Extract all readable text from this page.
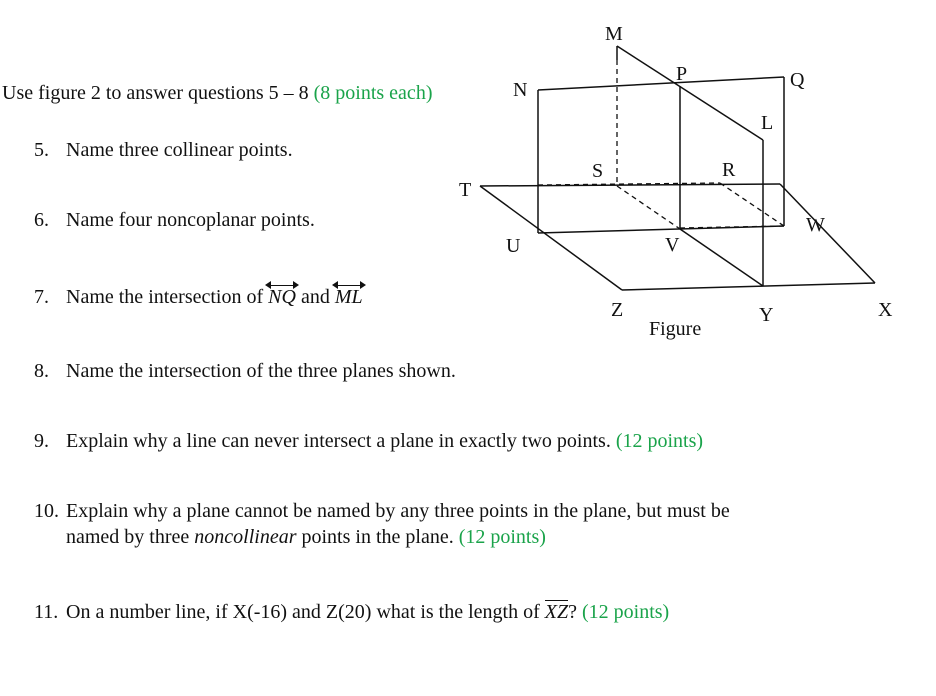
M
P	Q
N
L
S	R
T
W
U	V
Z	Y	X
Figure
Use figure 2 to answer questions 5 – 8 (8 points each)
5. Name three collinear points.
6. Name four noncoplanar points.
7. Name the intersection of NQ and ML
8. Name the intersection of the three planes shown.
9. Explain why a line can never intersect a plane in exactly two points. (12 points)
10. Explain why a plane cannot be named by any three points in the plane, but must be
named by three noncollinear points in the plane. (12 points)
11. On a number line, if X(-16) and Z(20) what is the length of XZ? (12 points)
